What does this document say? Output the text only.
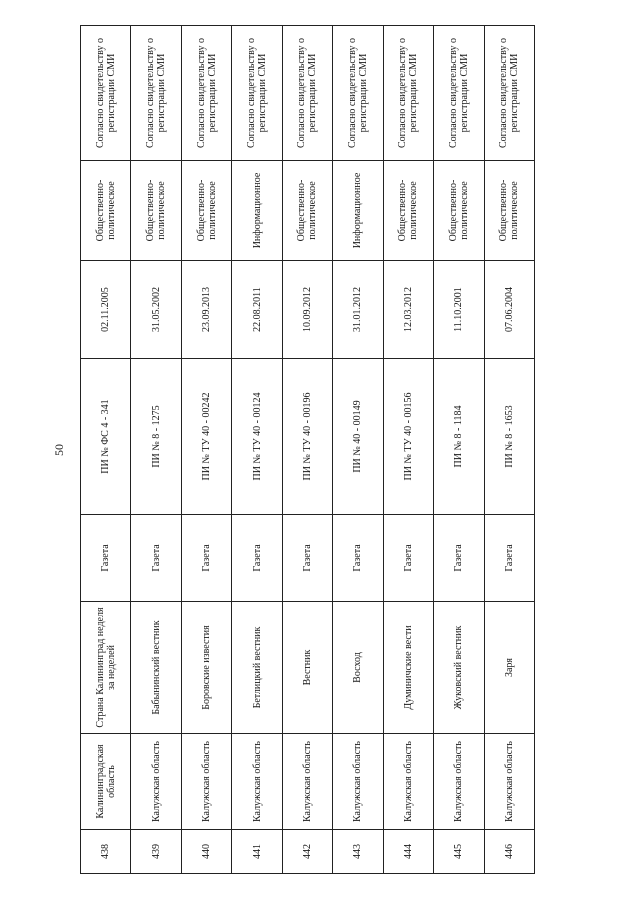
50
438	Калининградская область	Страна Калининград неделя за неделей	Газета	ПИ № ФС 4 - 341	02.11.2005	Общественно-политическое	Согласно свидетельству о регистрации СМИ
439	Калужская область	Бабынинский вестник	Газета	ПИ № 8 - 1275	31.05.2002	Общественно-политическое	Согласно свидетельству о регистрации СМИ
440	Калужская область	Боровские известия	Газета	ПИ № ТУ 40 - 00242	23.09.2013	Общественно-политическое	Согласно свидетельству о регистрации СМИ
441	Калужская область	Бетлицкий вестник	Газета	ПИ № ТУ 40 - 00124	22.08.2011	Информационное	Согласно свидетельству о регистрации СМИ
442	Калужская область	Вестник	Газета	ПИ № ТУ 40 - 00196	10.09.2012	Общественно-политическое	Согласно свидетельству о регистрации СМИ
443	Калужская область	Восход	Газета	ПИ № 40 - 00149	31.01.2012	Информационное	Согласно свидетельству о регистрации СМИ
444	Калужская область	Думиничские вести	Газета	ПИ № ТУ 40 - 00156	12.03.2012	Общественно-политическое	Согласно свидетельству о регистрации СМИ
445	Калужская область	Жуковский вестник	Газета	ПИ № 8 - 1184	11.10.2001	Общественно-политическое	Согласно свидетельству о регистрации СМИ
446	Калужская область	Заря	Газета	ПИ № 8 - 1653	07.06.2004	Общественно-политическое	Согласно свидетельству о регистрации СМИ
